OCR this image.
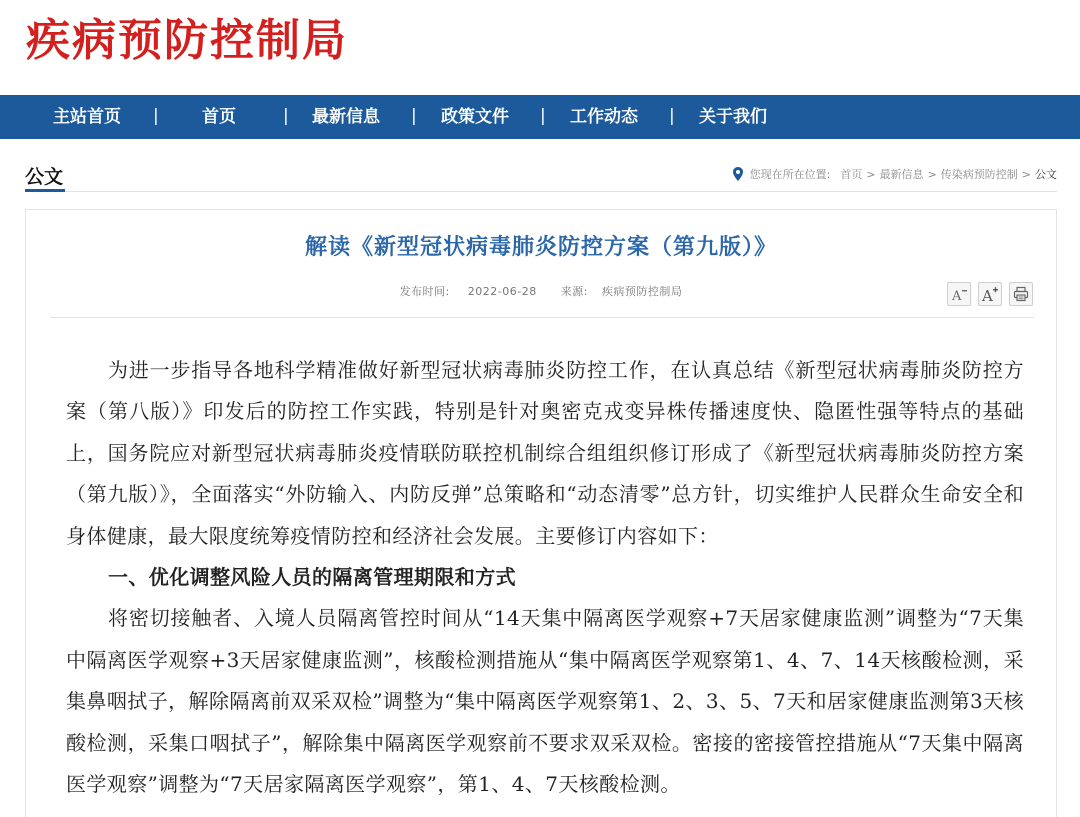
疾病预防控制局
主站首页 |	首页	| 最新信息 | 政策文件 | 工作动态 | 关于我们
公文	您现在所在位置: 首页 > 最新信息 > 传染病预防控制 > 公文
解读《新型冠状病毒肺炎防控方案（第九版）》
发布时间: 2022-06-28 来源: 疾病预防控制局	A A

为进一步指导各地科学精准做好新型冠状病毒肺炎防控工作，在认真总结《新型冠状病毒肺炎防控方案（第八版）》印发后的防控工作实践，特别是针对奥密克戎变异株传播速度快、隐匿性强等特点的基础上，国务院应对新型冠状病毒肺炎疫情联防联控机制综合组组织修订形成了《新型冠状病毒肺炎防控方案（第九版）》，全面落实“外防输入、内防反弹”总策略和“动态清零”总方针，切实维护人民群众生命安全和身体健康，最大限度统筹疫情防控和经济社会发展。主要修订内容如下：

一、优化调整风险人员的隔离管理期限和方式

将密切接触者、入境人员隔离管控时间从“14天集中隔离医学观察+7天居家健康监测”调整为“7天集中隔离医学观察+3天居家健康监测”，核酸检测措施从“集中隔离医学观察第1、4、7、14天核酸检测，采集鼻咽拭子，解除隔离前双采双检”调整为“集中隔离医学观察第1、2、3、5、7天和居家健康监测第3天核酸检测，采集口咽拭子”，解除集中隔离医学观察前不要求双采双检。密接的密接管控措施从“7天集中隔离医学观察”调整为“7天居家隔离医学观察”，第1、4、7天核酸检测。
